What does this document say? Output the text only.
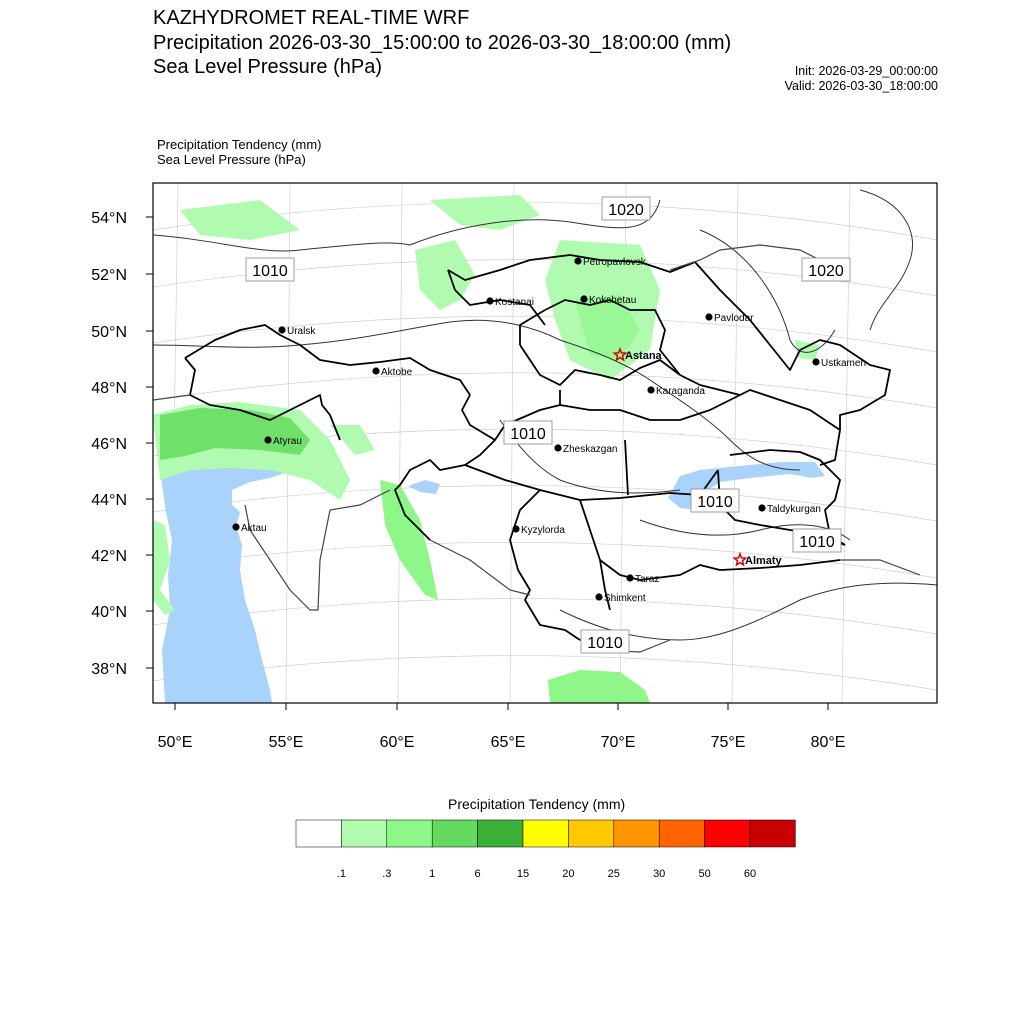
KAZHYDROMET REAL-TIME WRF
Precipitation 2026-03-30_15:00:00 to 2026-03-30_18:00:00 (mm)
Sea Level Pressure (hPa)	Init: 2026-03-29_00:00:00
Valid: 2026-03-30_18:00:00
Precipitation Tendency (mm)
Sea Level Pressure (hPa)
1020
1010	1020
1010
1010
1010
1010
Petropavlovsk
Kostanai	Kokshetau
Pavlodar
Uralsk
Astana
Ustkamen
Aktobe
Karaganda
Atyrau
Zheskazgan
Kyzylorda
Taldykurgan
Aktau
Almaty
Taraz
Shimkent
54°N
52°N
50°N
48°N
46°N
44°N
42°N
40°N
38°N
50°E	55°E	60°E	65°E	70°E	75°E	80°E
Precipitation Tendency (mm)
.1	.3	1	6	15	20	25	30	50	60
